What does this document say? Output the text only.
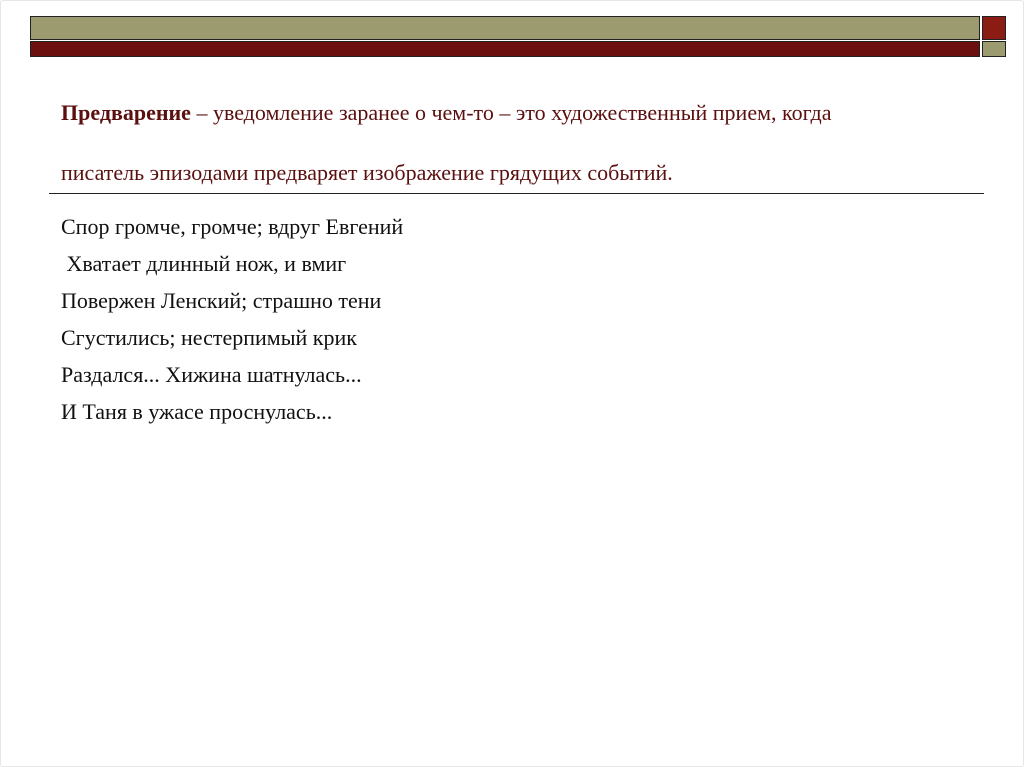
Предварение – уведомление заранее о чем-то – это художественный прием, когда
писатель эпизодами предваряет изображение грядущих событий.
Спор громче, громче; вдруг Евгений
Хватает длинный нож, и вмиг
Повержен Ленский; страшно тени
Сгустились; нестерпимый крик
Раздался... Хижина шатнулась...
И Таня в ужасе проснулась...
